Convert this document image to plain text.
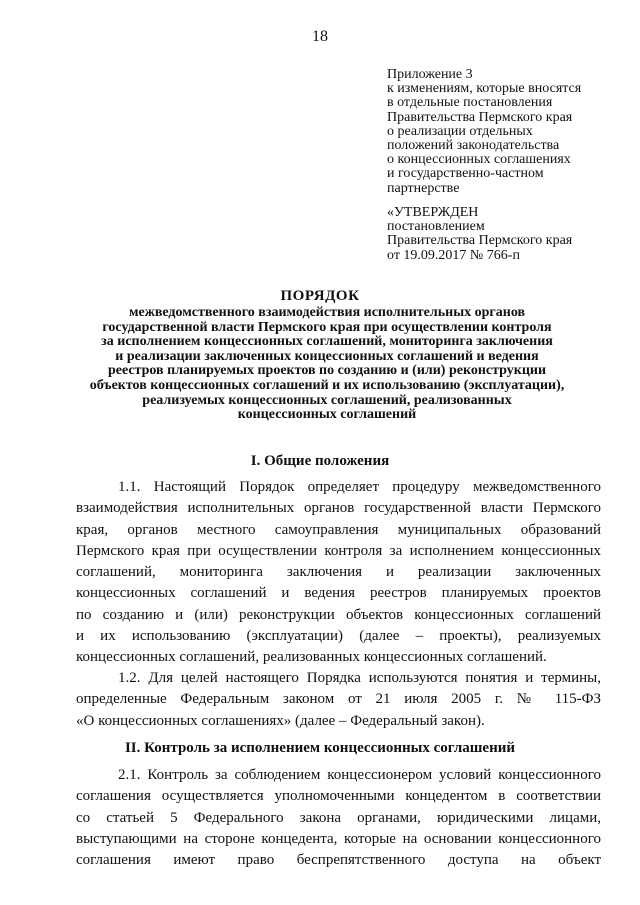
18
Приложение 3
к изменениям, которые вносятся
в отдельные постановления
Правительства Пермского края
о реализации отдельных
положений законодательства
о концессионных соглашениях
и государственно-частном
партнерстве
«УТВЕРЖДЕН
постановлением
Правительства Пермского края
от 19.09.2017 № 766-п
ПОРЯДОК
межведомственного взаимодействия исполнительных органов
государственной власти Пермского края при осуществлении контроля
за исполнением концессионных соглашений, мониторинга заключения
и реализации заключенных концессионных соглашений и ведения
реестров планируемых проектов по созданию и (или) реконструкции
объектов концессионных соглашений и их использованию (эксплуатации),
реализуемых концессионных соглашений, реализованных
концессионных соглашений
I. Общие положения
1.1. Настоящий Порядок определяет процедуру межведомственного
взаимодействия исполнительных органов государственной власти Пермского
края, органов местного самоуправления муниципальных образований
Пермского края при осуществлении контроля за исполнением концессионных
соглашений, мониторинга заключения и реализации заключенных
концессионных соглашений и ведения реестров планируемых проектов
по созданию и (или) реконструкции объектов концессионных соглашений
и их использованию (эксплуатации) (далее – проекты), реализуемых
концессионных соглашений, реализованных концессионных соглашений.
1.2. Для целей настоящего Порядка используются понятия и термины,
определенные Федеральным законом от 21 июля 2005 г. № 115-ФЗ
«О концессионных соглашениях» (далее – Федеральный закон).
II. Контроль за исполнением концессионных соглашений
2.1. Контроль за соблюдением концессионером условий концессионного
соглашения осуществляется уполномоченными концедентом в соответствии
со статьей 5 Федерального закона органами, юридическими лицами,
выступающими на стороне концедента, которые на основании концессионного
соглашения имеют право беспрепятственного доступа на объект
